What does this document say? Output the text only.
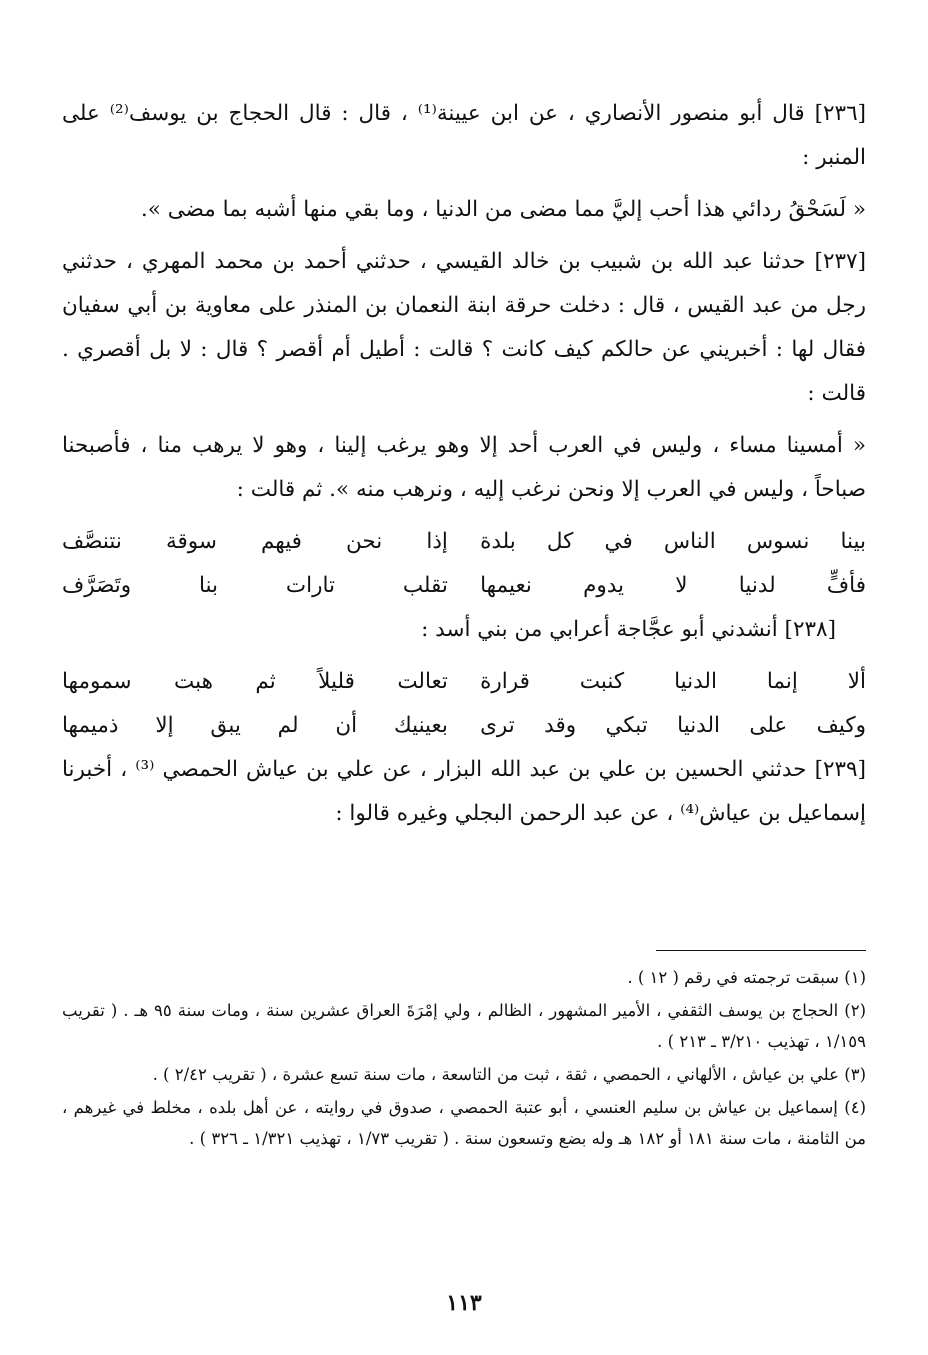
[٢٣٦] قال أبو منصور الأنصاري ، عن ابن عيينة⁽¹⁾ ، قال : قال الحجاج بن يوسف⁽²⁾ على المنبر :

« لَسَحْقُ ردائي هذا أحب إليَّ مما مضى من الدنيا ، وما بقي منها أشبه بما مضى ».

[٢٣٧] حدثنا عبد الله بن شبيب بن خالد القيسي ، حدثني أحمد بن محمد المهري ، حدثني رجل من عبد القيس ، قال : دخلت حرقة ابنة النعمان بن المنذر على معاوية بن أبي سفيان فقال لها : أخبريني عن حالكم كيف كانت ؟ قالت : أطيل أم أقصر ؟ قال : لا بل أقصري . قالت :

« أمسينا مساء ، وليس في العرب أحد إلا وهو يرغب إلينا ، وهو لا يرهب منا ، فأصبحنا صباحاً ، وليس في العرب إلا ونحن نرغب إليه ، ونرهب منه ». ثم قالت :

بينا نسوس الناس في كل بلدة
إذا نحن فيهم سوقة نتنصَّف
فأفٍّ لدنيا لا يدوم نعيمها
تقلب تارات بنا وتَصَرَّف

[٢٣٨] أنشدني أبو عجَّاجة أعرابي من بني أسد :

ألا إنما الدنيا كنبت قرارة
تعالت قليلاً ثم هبت سمومها
وكيف على الدنيا تبكي وقد ترى
بعينيك أن لم يبق إلا ذميمها

[٢٣٩] حدثني الحسين بن علي بن عبد الله البزار ، عن علي بن عياش الحمصي ⁽³⁾ ، أخبرنا إسماعيل بن عياش⁽⁴⁾ ، عن عبد الرحمن البجلي وغيره قالوا :

(١) سبقت ترجمته في رقم ( ١٢ ) .

(٢) الحجاج بن يوسف الثقفي ، الأمير المشهور ، الظالم ، ولي إمْرَةَ العراق عشرين سنة ، ومات سنة ٩٥ هـ . ( تقريب ١/١٥٩ ، تهذيب ٣/٢١٠ ـ ٢١٣ ) .

(٣) علي بن عياش ، الألهاني ، الحمصي ، ثقة ، ثبت من التاسعة ، مات سنة تسع عشرة ، ( تقريب ٢/٤٢ ) .

(٤) إسماعيل بن عياش بن سليم العنسي ، أبو عتبة الحمصي ، صدوق في روايته ، عن أهل بلده ، مخلط في غيرهم ، من الثامنة ، مات سنة ١٨١ أو ١٨٢ هـ وله بضع وتسعون سنة . ( تقريب ١/٧٣ ، تهذيب ١/٣٢١ ـ ٣٢٦ ) .

١١٣
